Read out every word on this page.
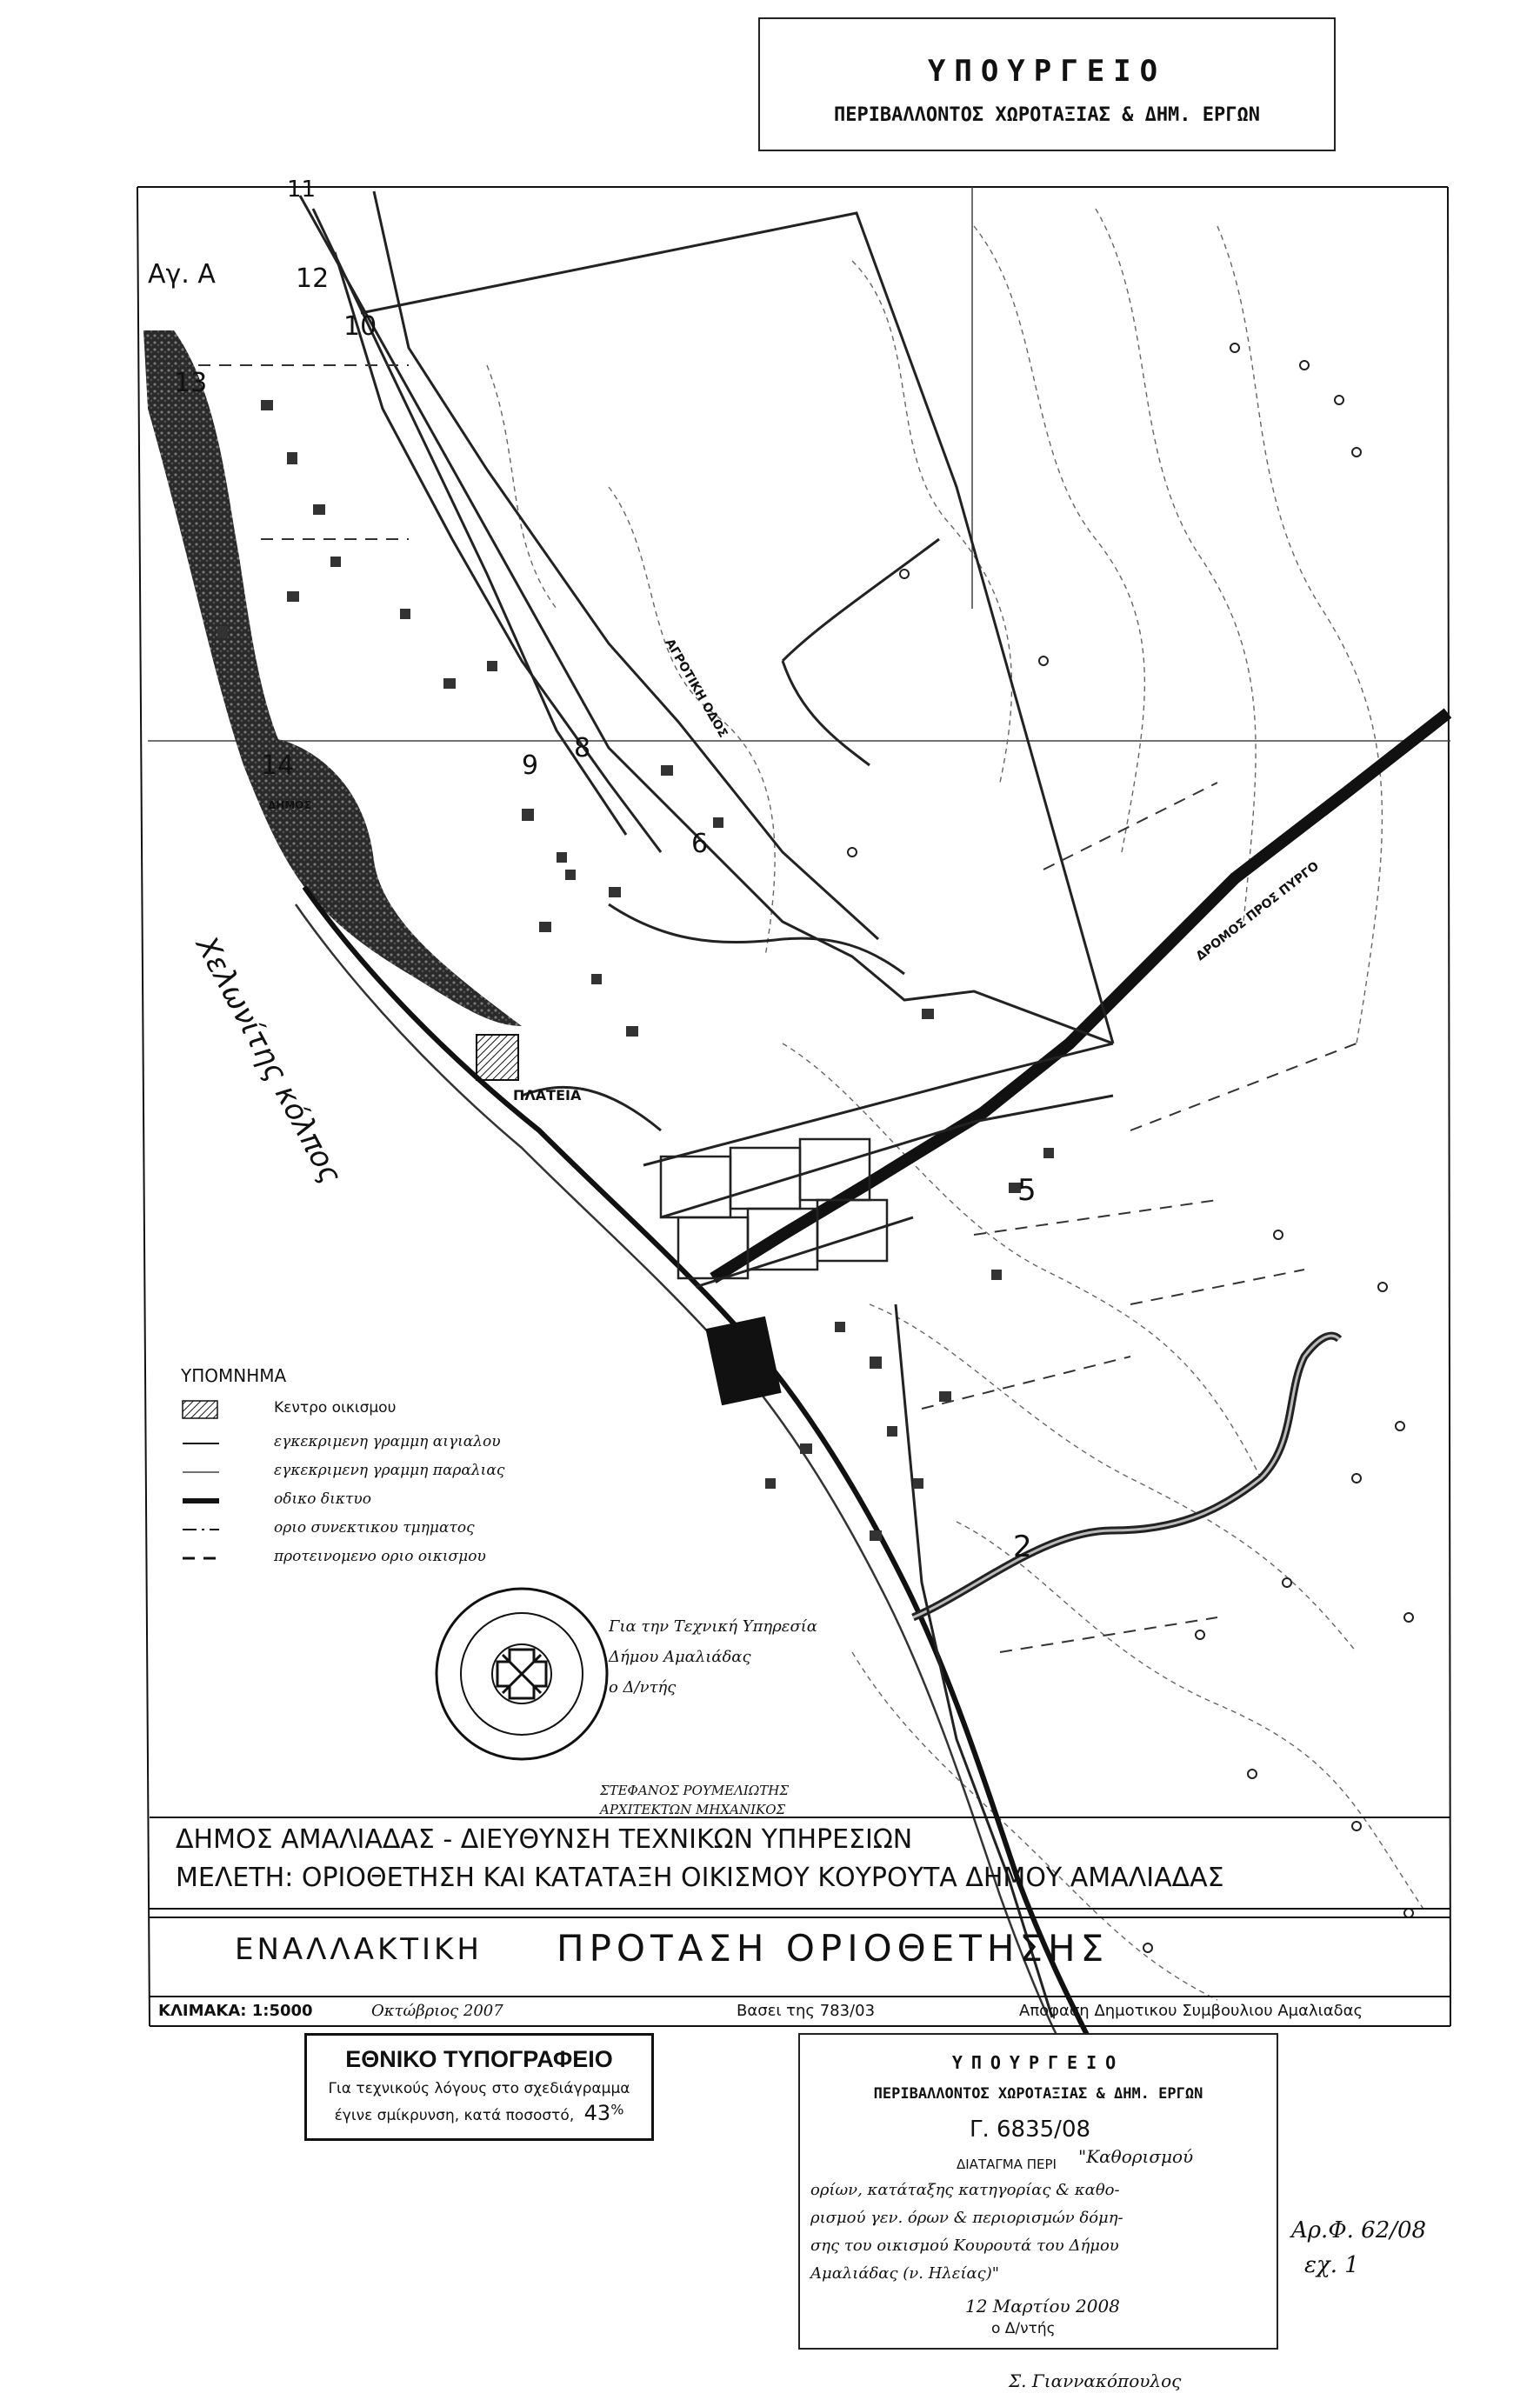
ΥΠΟΥΡΓΕΙΟ
ΠΕΡΙΒΑΛΛΟΝΤΟΣ ΧΩΡΟΤΑΞΙΑΣ & ΔΗΜ. ΕΡΓΩΝ
11
12
10
13
14	9
8
6
5
2
Αγ. Α
Χελωνίτης κόλπος	ΠΛΑΤΕΙΑ
ΔΗΜΟΣ
ΑΓΡΟΤΙΚΗ ΟΔΟΣ
ΔΡΟΜΟΣ ΠΡΟΣ ΠΥΡΓΟ
ΥΠΟΜΝΗΜΑ
Κεντρο οικισμου
εγκεκριμενη γραμμη αιγιαλου
εγκεκριμενη γραμμη παραλιας
οδικο δικτυο
οριο συνεκτικου τμηματος
προτεινομενο οριο οικισμου
Για την Τεχνική Υπηρεσία
Δήμου Αμαλιάδας
ο Δ/ντής
ΣΤΕΦΑΝΟΣ ΡΟΥΜΕΛΙΩΤΗΣ
ΑΡΧΙΤΕΚΤΩΝ ΜΗΧΑΝΙΚΟΣ
ΔΗΜΟΣ ΑΜΑΛΙΑΔΑΣ - ΔΙΕΥΘΥΝΣΗ ΤΕΧΝΙΚΩΝ ΥΠΗΡΕΣΙΩΝ
ΜΕΛΕΤΗ: ΟΡΙΟΘΕΤΗΣΗ ΚΑΙ ΚΑΤΑΤΑΞΗ ΟΙΚΙΣΜΟΥ ΚΟΥΡΟΥΤΑ ΔΗΜΟΥ ΑΜΑΛΙΑΔΑΣ
ΕΝΑΛΛΑΚΤΙΚΗ ΠΡΟΤΑΣΗ ΟΡΙΟΘΕΤΗΣΗΣ
ΚΛΙΜΑΚΑ: 1:5000	Οκτώβριος 2007	Βασει της 783/03	Αποφαση Δημοτικου Συμβουλιου Αμαλιαδας
ΕΘΝΙΚΟ ΤΥΠΟΓΡΑΦΕΙΟ
Για τεχνικούς λόγους στο σχεδιάγραμμα
έγινε σμίκρυνση, κατά ποσοστό, 43%
ΥΠΟΥΡΓΕΙΟ
ΠΕΡΙΒΑΛΛΟΝΤΟΣ ΧΩΡΟΤΑΞΙΑΣ & ΔΗΜ. ΕΡΓΩΝ
Γ. 6835/08
ΔΙΑΤΑΓΜΑ ΠΕΡΙ "Καθορισμού
ορίων, κατάταξης κατηγορίας & καθο-
ρισμού γεν. όρων & περιορισμών δόμη-
σης του οικισμού Κουρουτά του Δήμου
Αμαλιάδας (ν. Ηλείας)"
12 Μαρτίου 2008
ο Δ/ντής
Αρ.Φ. 62/08
εχ. 1
Σ. Γιαννακόπουλος
